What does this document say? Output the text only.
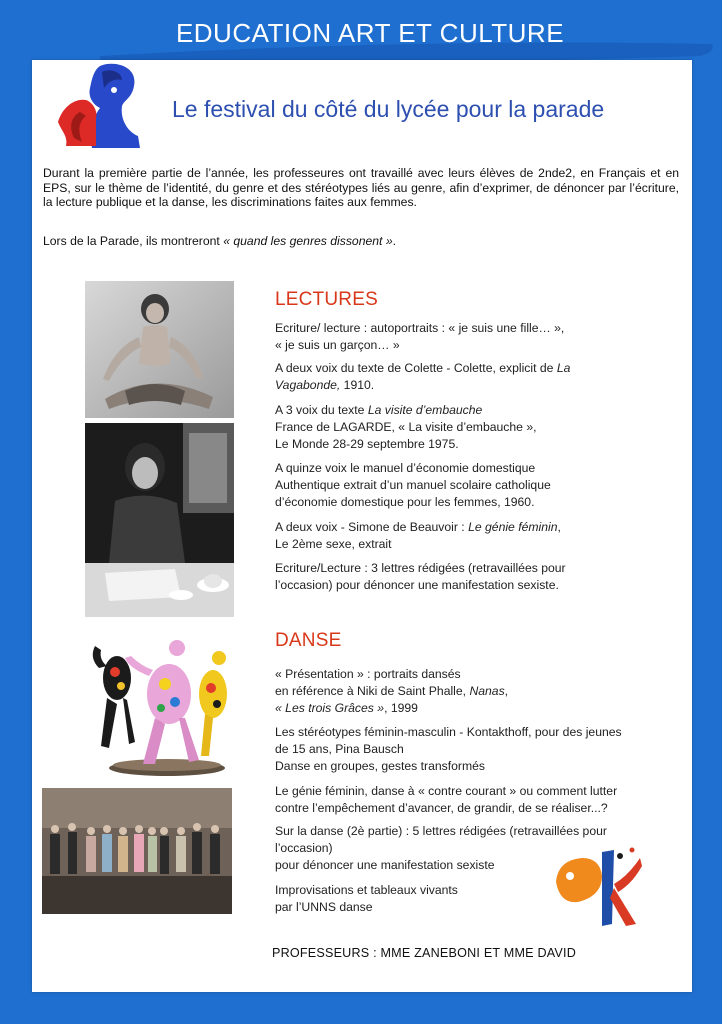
EDUCATION ART ET CULTURE
Le festival du côté du lycée pour la parade

Durant la première partie de l’année, les professeures ont travaillé avec leurs élèves de 2nde2, en Français et en EPS, sur le thème de l’identité, du genre et des stéréotypes liés au genre, afin d’exprimer, de dénoncer par l’écriture, la lecture publique et la danse, les discriminations faites aux femmes.

Lors de la Parade, ils montreront « quand les genres dissonent ».

LECTURES

Ecriture/ lecture : autoportraits : « je suis une fille… »,
« je suis un garçon… »

A deux voix du texte de Colette - Colette, explicit de La
Vagabonde, 1910.

A 3 voix du texte La visite d’embauche
France de LAGARDE, « La visite d’embauche »,
Le Monde 28-29 septembre 1975.

A quinze voix le manuel d’économie domestique
Authentique extrait d’un manuel scolaire catholique
d’économie domestique pour les femmes, 1960.

A deux voix - Simone de Beauvoir : Le génie féminin,
Le 2ème sexe, extrait

Ecriture/Lecture : 3 lettres rédigées (retravaillées pour
l’occasion) pour dénoncer une manifestation sexiste.

DANSE

« Présentation » : portraits dansés
en référence à Niki de Saint Phalle, Nanas,
« Les trois Grâces », 1999

Les stéréotypes féminin-masculin - Kontakthoff, pour des jeunes
de 15 ans, Pina Bausch
Danse en groupes, gestes transformés

Le génie féminin, danse à « contre courant » ou comment lutter
contre l’empêchement d’avancer, de grandir, de se réaliser...?

Sur la danse (2è partie) : 5 lettres rédigées (retravaillées pour
l’occasion)
pour dénoncer une manifestation sexiste

Improvisations et tableaux vivants
par l’UNNS danse

PROFESSEURS : MME ZANEBONI ET MME DAVID
